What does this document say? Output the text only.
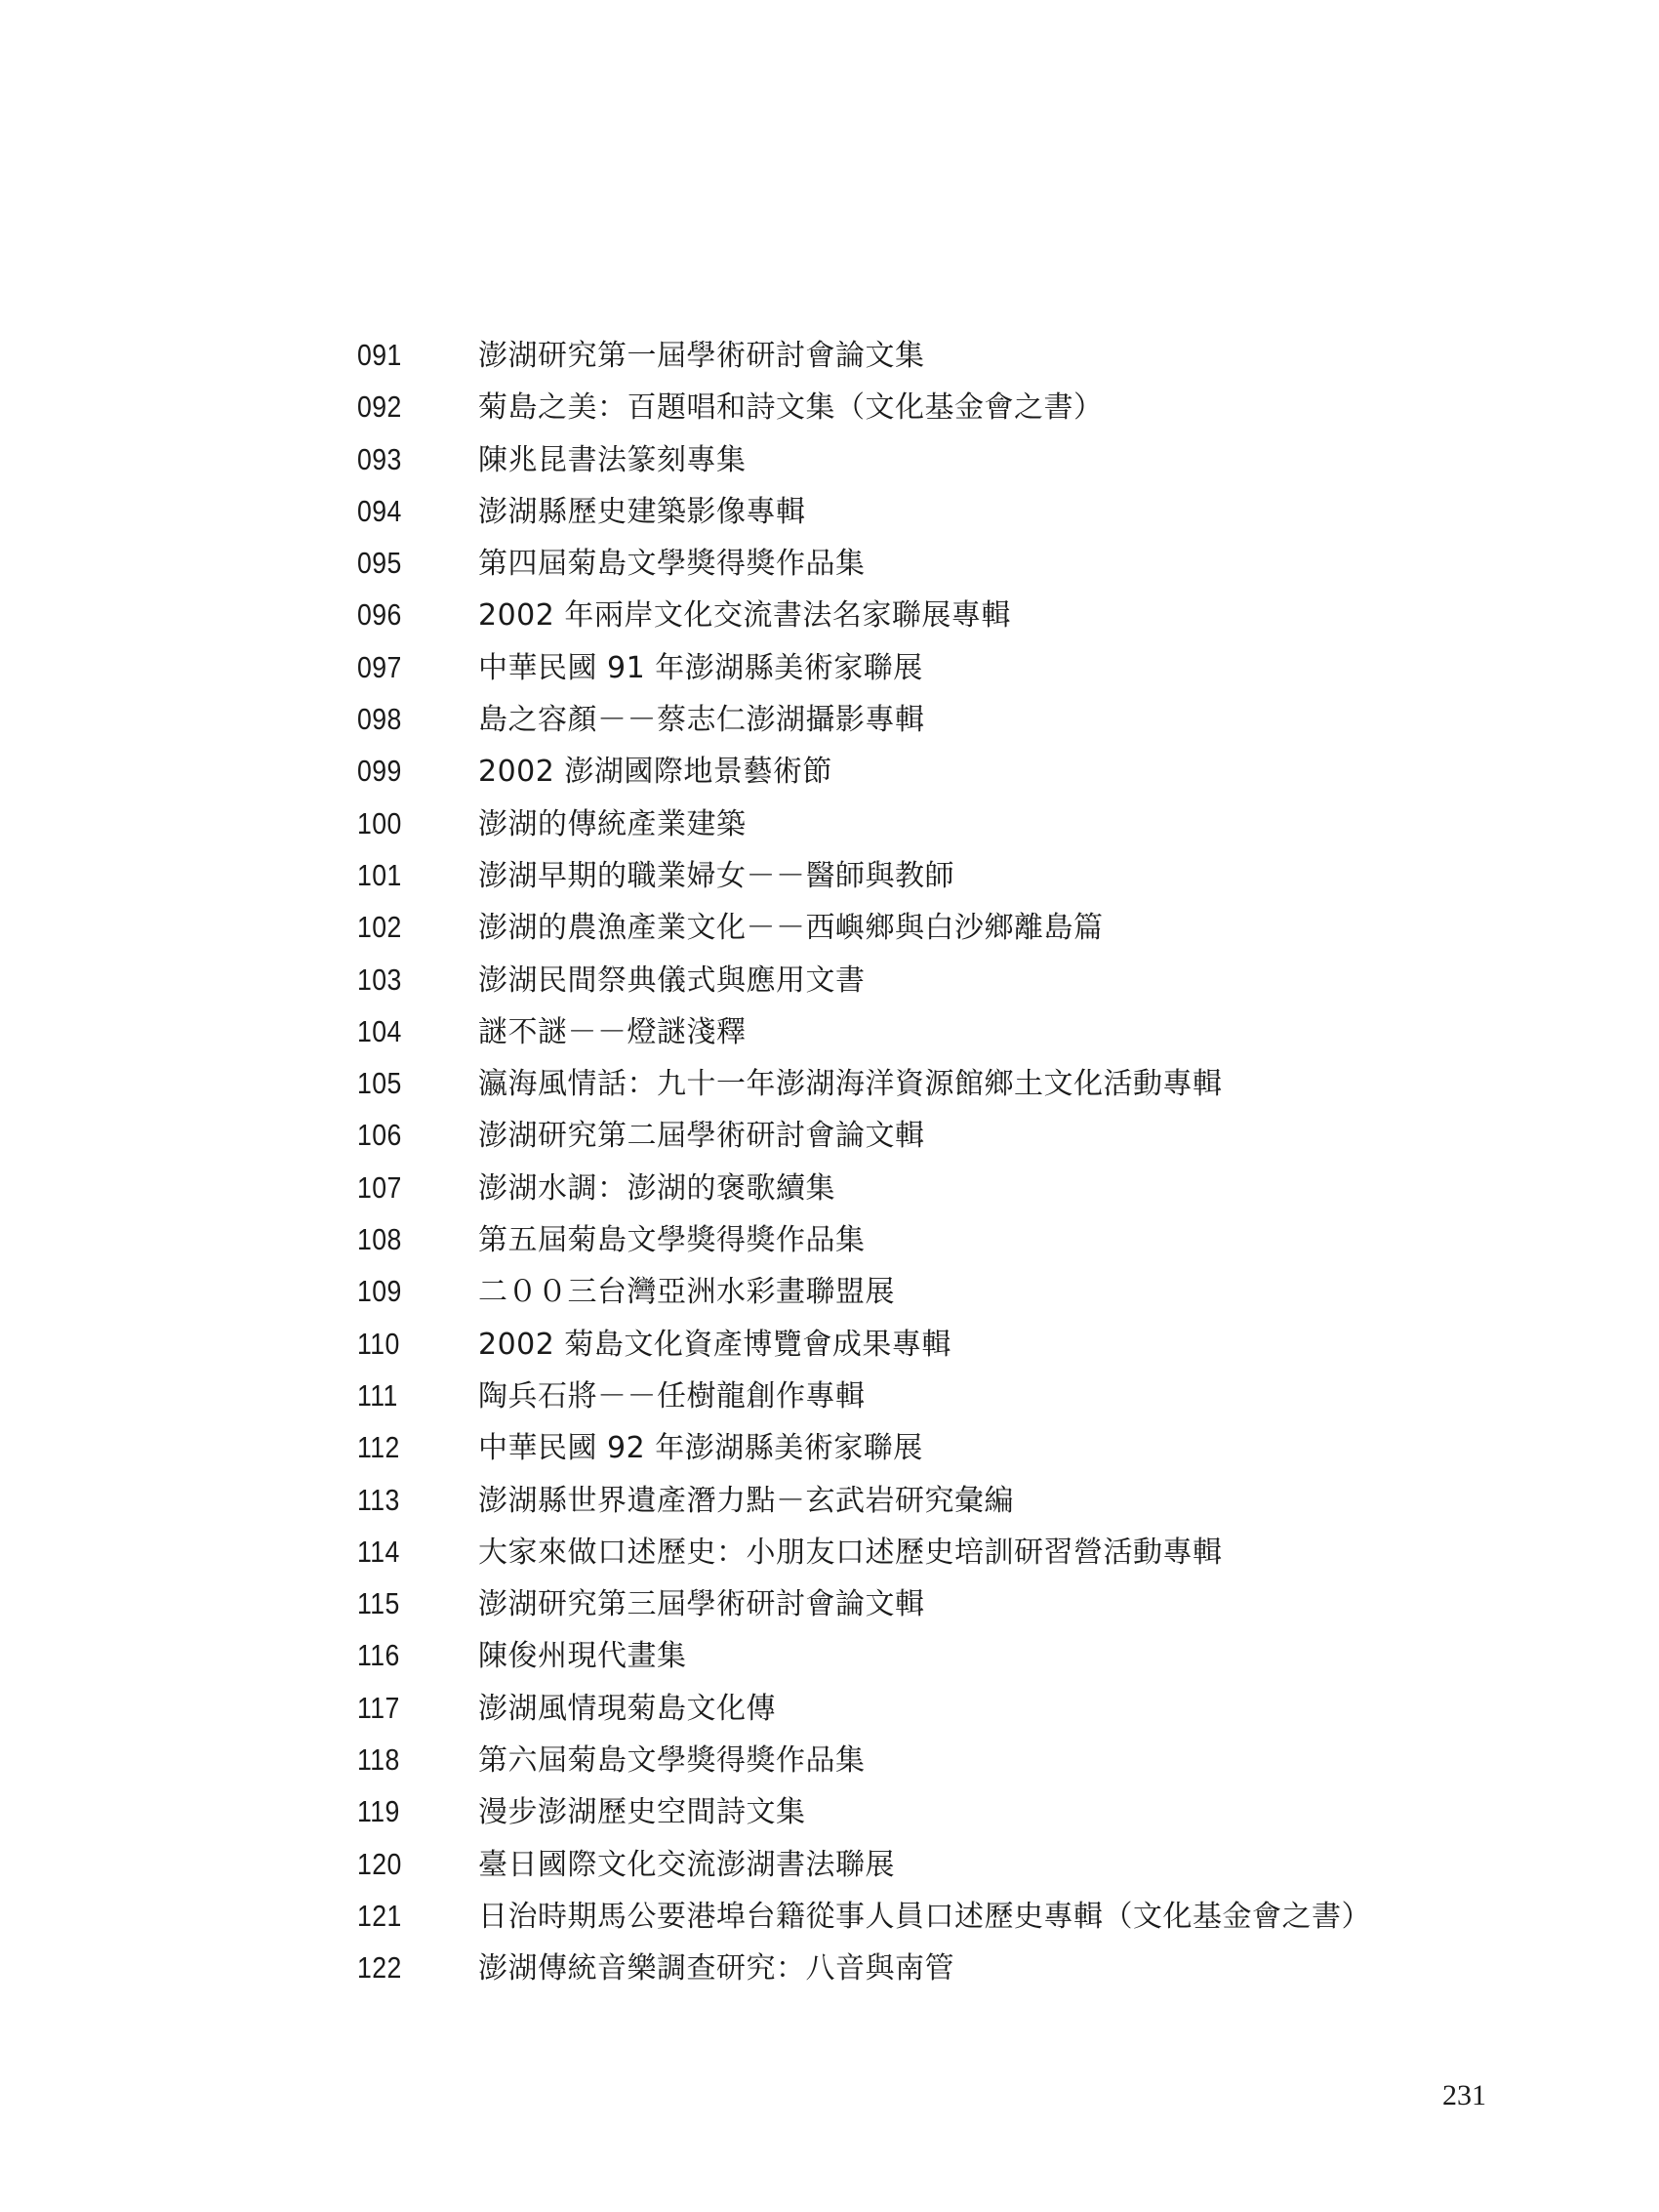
091	澎湖研究第一屆學術研討會論文集
092	菊島之美：百題唱和詩文集（文化基金會之書）
093	陳兆昆書法篆刻專集
094	澎湖縣歷史建築影像專輯
095	第四屆菊島文學獎得獎作品集
096	2002 年兩岸文化交流書法名家聯展專輯
097	中華民國 91 年澎湖縣美術家聯展
098	島之容顏－－蔡志仁澎湖攝影專輯
099	2002 澎湖國際地景藝術節
100	澎湖的傳統產業建築
101	澎湖早期的職業婦女－－醫師與教師
102	澎湖的農漁產業文化－－西嶼鄉與白沙鄉離島篇
103	澎湖民間祭典儀式與應用文書
104	謎不謎－－燈謎淺釋
105	瀛海風情話：九十一年澎湖海洋資源館鄉土文化活動專輯
106	澎湖研究第二屆學術研討會論文輯
107	澎湖水調：澎湖的褒歌續集
108	第五屆菊島文學獎得獎作品集
109	二００三台灣亞洲水彩畫聯盟展
110	2002 菊島文化資產博覽會成果專輯
111	陶兵石將－－任樹龍創作專輯
112	中華民國 92 年澎湖縣美術家聯展
113	澎湖縣世界遺產潛力點－玄武岩研究彙編
114	大家來做口述歷史：小朋友口述歷史培訓研習營活動專輯
115	澎湖研究第三屆學術研討會論文輯
116	陳俊州現代畫集
117	澎湖風情現菊島文化傳
118	第六屆菊島文學獎得獎作品集
119	漫步澎湖歷史空間詩文集
120	臺日國際文化交流澎湖書法聯展
121	日治時期馬公要港埠台籍從事人員口述歷史專輯（文化基金會之書）
122	澎湖傳統音樂調查研究：八音與南管
231
